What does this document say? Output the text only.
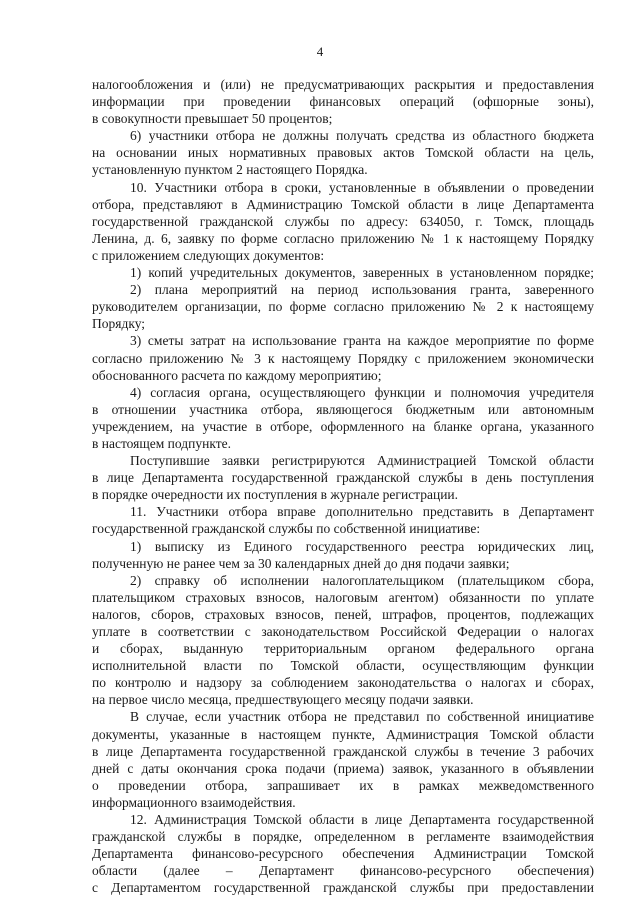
4
налогообложения и (или) не предусматривающих раскрытия и предоставления
информации при проведении финансовых операций (офшорные зоны),
в совокупности превышает 50 процентов;
6) участники отбора не должны получать средства из областного бюджета
на основании иных нормативных правовых актов Томской области на цель,
установленную пунктом 2 настоящего Порядка.
10. Участники отбора в сроки, установленные в объявлении о проведении
отбора, представляют в Администрацию Томской области в лице Департамента
государственной гражданской службы по адресу: 634050, г. Томск, площадь
Ленина, д. 6, заявку по форме согласно приложению № 1 к настоящему Порядку
с приложением следующих документов:
1) копий учредительных документов, заверенных в установленном порядке;
2) плана мероприятий на период использования гранта, заверенного
руководителем организации, по форме согласно приложению № 2 к настоящему
Порядку;
3) сметы затрат на использование гранта на каждое мероприятие по форме
согласно приложению № 3 к настоящему Порядку с приложением экономически
обоснованного расчета по каждому мероприятию;
4) согласия органа, осуществляющего функции и полномочия учредителя
в отношении участника отбора, являющегося бюджетным или автономным
учреждением, на участие в отборе, оформленного на бланке органа, указанного
в настоящем подпункте.
Поступившие заявки регистрируются Администрацией Томской области
в лице Департамента государственной гражданской службы в день поступления
в порядке очередности их поступления в журнале регистрации.
11. Участники отбора вправе дополнительно представить в Департамент
государственной гражданской службы по собственной инициативе:
1) выписку из Единого государственного реестра юридических лиц,
полученную не ранее чем за 30 календарных дней до дня подачи заявки;
2) справку об исполнении налогоплательщиком (плательщиком сбора,
плательщиком страховых взносов, налоговым агентом) обязанности по уплате
налогов, сборов, страховых взносов, пеней, штрафов, процентов, подлежащих
уплате в соответствии с законодательством Российской Федерации о налогах
и сборах, выданную территориальным органом федерального органа
исполнительной власти по Томской области, осуществляющим функции
по контролю и надзору за соблюдением законодательства о налогах и сборах,
на первое число месяца, предшествующего месяцу подачи заявки.
В случае, если участник отбора не представил по собственной инициативе
документы, указанные в настоящем пункте, Администрация Томской области
в лице Департамента государственной гражданской службы в течение 3 рабочих
дней с даты окончания срока подачи (приема) заявок, указанного в объявлении
о проведении отбора, запрашивает их в рамках межведомственного
информационного взаимодействия.
12. Администрация Томской области в лице Департамента государственной
гражданской службы в порядке, определенном в регламенте взаимодействия
Департамента финансово-ресурсного обеспечения Администрации Томской
области (далее – Департамент финансово-ресурсного обеспечения)
с Департаментом государственной гражданской службы при предоставлении
